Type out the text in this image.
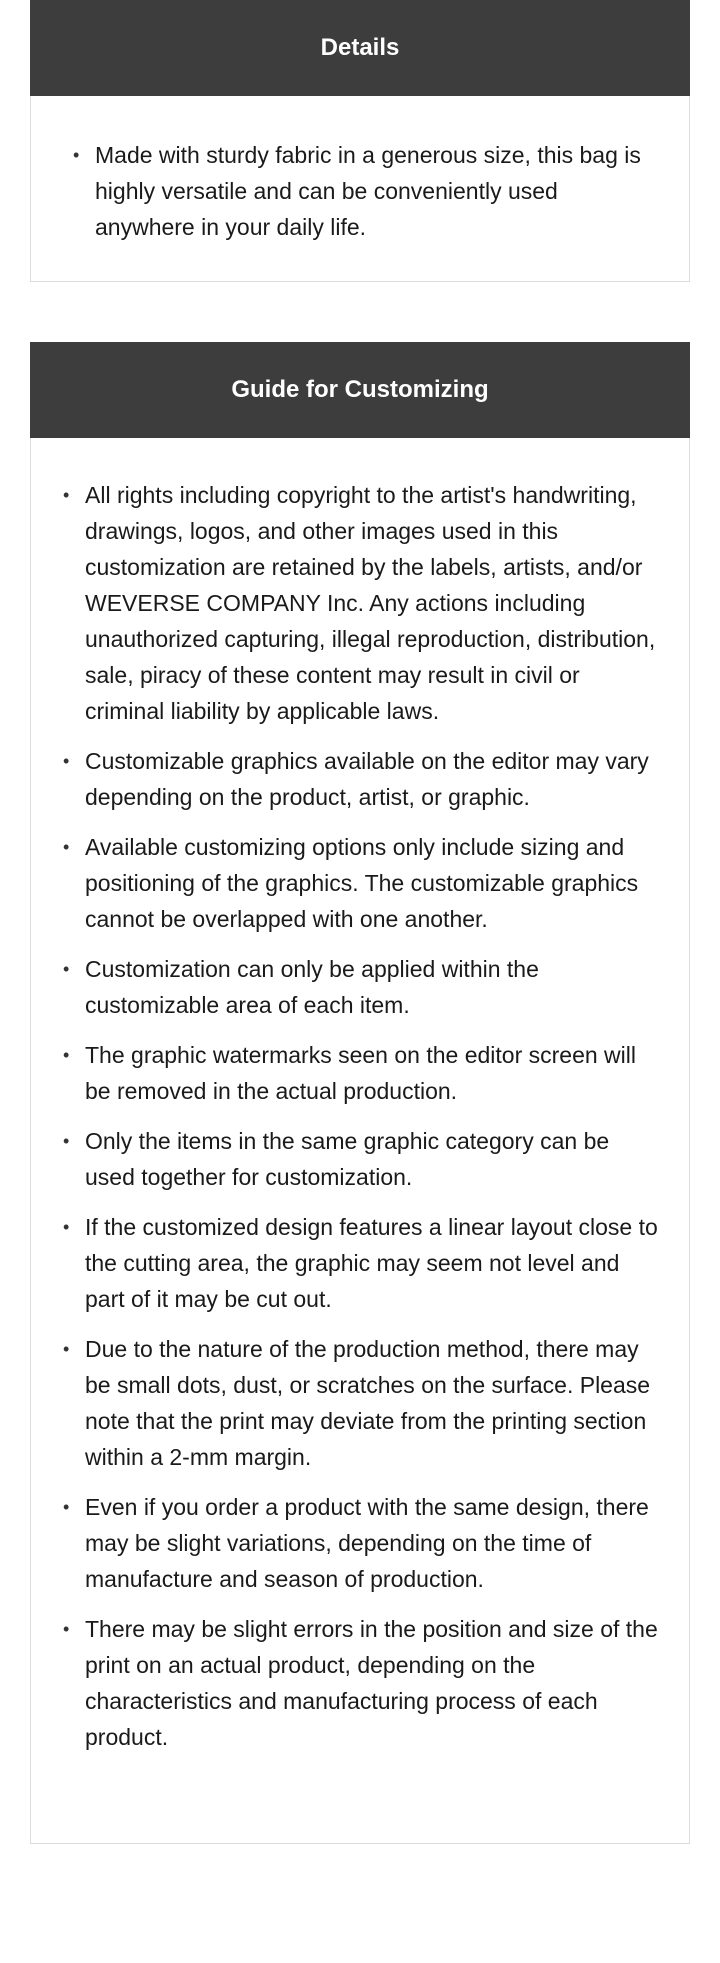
Details
• Made with sturdy fabric in a generous size, this bag is highly versatile and can be conveniently used anywhere in your daily life.
Guide for Customizing
• All rights including copyright to the artist's handwriting, drawings, logos, and other images used in this customization are retained by the labels, artists, and/or WEVERSE COMPANY Inc. Any actions including unauthorized capturing, illegal reproduction, distribution, sale, piracy of these content may result in civil or criminal liability by applicable laws.
• Customizable graphics available on the editor may vary depending on the product, artist, or graphic.
• Available customizing options only include sizing and positioning of the graphics. The customizable graphics cannot be overlapped with one another.
• Customization can only be applied within the customizable area of each item.
• The graphic watermarks seen on the editor screen will be removed in the actual production.
• Only the items in the same graphic category can be used together for customization.
• If the customized design features a linear layout close to the cutting area, the graphic may seem not level and part of it may be cut out.
• Due to the nature of the production method, there may be small dots, dust, or scratches on the surface. Please note that the print may deviate from the printing section within a 2-mm margin.
• Even if you order a product with the same design, there may be slight variations, depending on the time of manufacture and season of production.
• There may be slight errors in the position and size of the print on an actual product, depending on the characteristics and manufacturing process of each product.
